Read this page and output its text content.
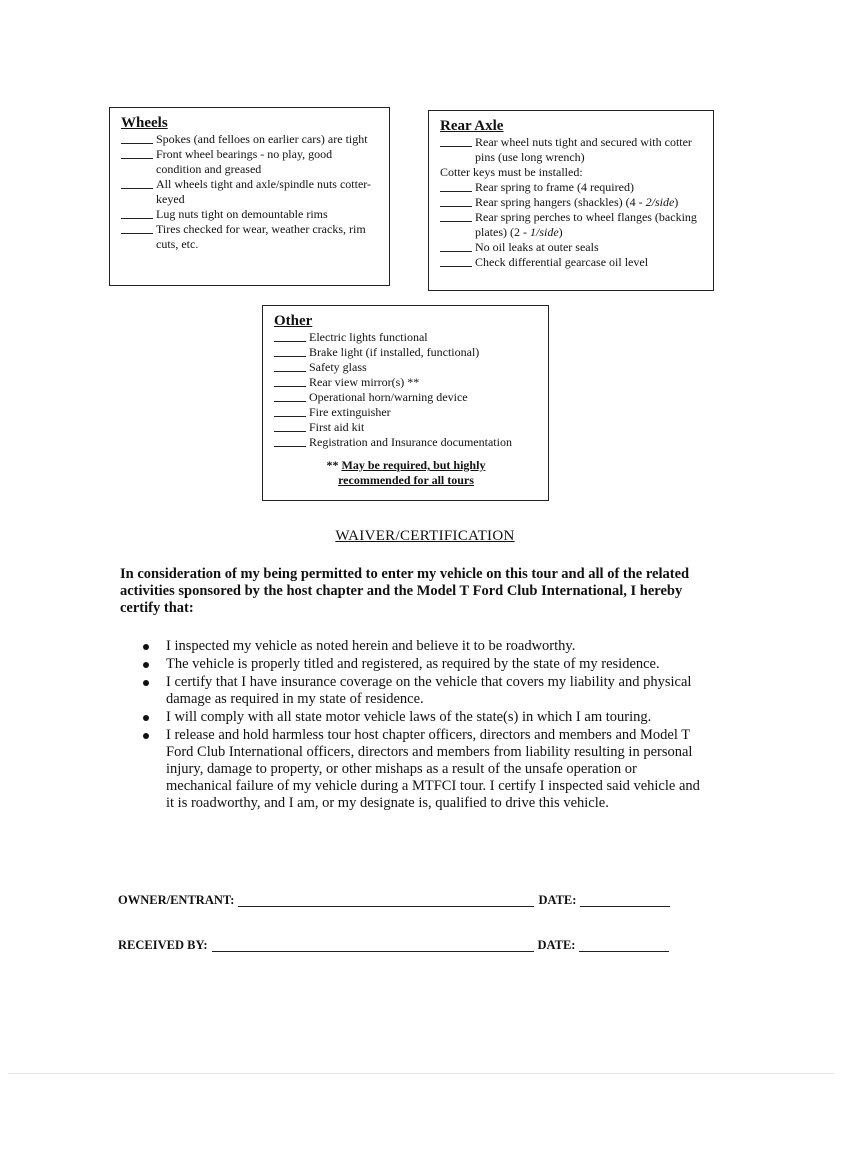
Wheels
Spokes (and felloes on earlier cars) are tight
Front wheel bearings - no play, good condition and greased
All wheels tight and axle/spindle nuts cotter-keyed
Lug nuts tight on demountable rims
Tires checked for wear, weather cracks, rim cuts, etc.
Rear Axle
Rear wheel nuts tight and secured with cotter pins (use long wrench)
Cotter keys must be installed:
Rear spring to frame (4 required)
Rear spring hangers (shackles) (4 - 2/side)
Rear spring perches to wheel flanges (backing plates) (2 - 1/side)
No oil leaks at outer seals
Check differential gearcase oil level
Other
Electric lights functional
Brake light (if installed, functional)
Safety glass
Rear view mirror(s) **
Operational horn/warning device
Fire extinguisher
First aid kit
Registration and Insurance documentation
** May be required, but highly
recommended for all tours
WAIVER/CERTIFICATION
In consideration of my being permitted to enter my vehicle on this tour and all of the related activities sponsored by the host chapter and the Model T Ford Club International, I hereby certify that:
I inspected my vehicle as noted herein and believe it to be roadworthy.
The vehicle is properly titled and registered, as required by the state of my residence.
I certify that I have insurance coverage on the vehicle that covers my liability and physical damage as required in my state of residence.
I will comply with all state motor vehicle laws of the state(s) in which I am touring.
I release and hold harmless tour host chapter officers, directors and members and Model T Ford Club International officers, directors and members from liability resulting in personal injury, damage to property, or other mishaps as a result of the unsafe operation or mechanical failure of my vehicle during a MTFCI tour. I certify I inspected said vehicle and it is roadworthy, and I am, or my designate is, qualified to drive this vehicle.
OWNER/ENTRANT:	DATE:
RECEIVED BY:	DATE:
